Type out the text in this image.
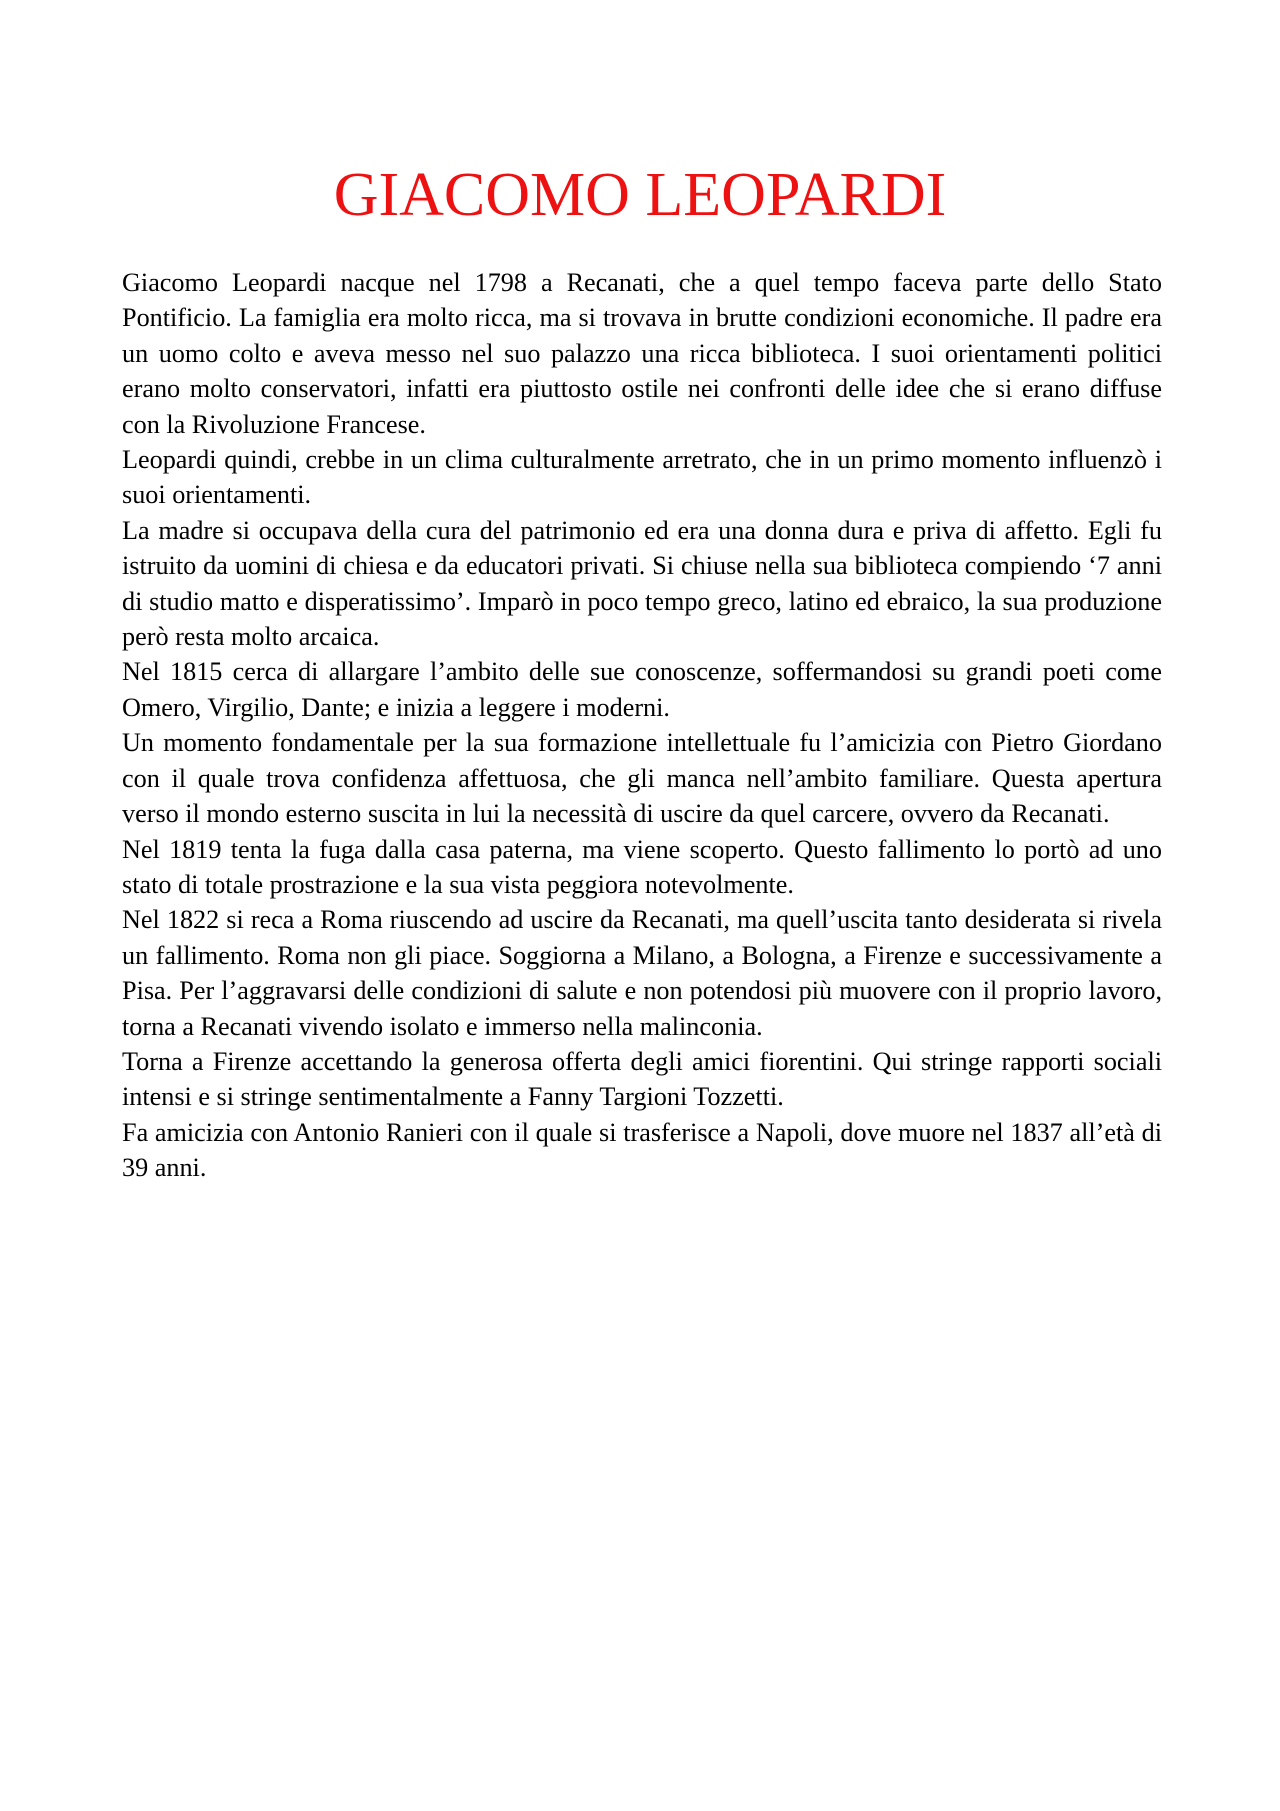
GIACOMO LEOPARDI

Giacomo Leopardi nacque nel 1798 a Recanati, che a quel tempo faceva parte dello Stato Pontificio. La famiglia era molto ricca, ma si trovava in brutte condizioni economiche. Il padre era un uomo colto e aveva messo nel suo palazzo una ricca biblioteca. I suoi orientamenti politici erano molto conservatori, infatti era piuttosto ostile nei confronti delle idee che si erano diffuse con la Rivoluzione Francese.

Leopardi quindi, crebbe in un clima culturalmente arretrato, che in un primo momento influenzò i suoi orientamenti.

La madre si occupava della cura del patrimonio ed era una donna dura e priva di affetto. Egli fu istruito da uomini di chiesa e da educatori privati. Si chiuse nella sua biblioteca compiendo ‘7 anni di studio matto e disperatissimo’. Imparò in poco tempo greco, latino ed ebraico, la sua produzione però resta molto arcaica.

Nel 1815 cerca di allargare l’ambito delle sue conoscenze, soffermandosi su grandi poeti come Omero, Virgilio, Dante; e inizia a leggere i moderni.

Un momento fondamentale per la sua formazione intellettuale fu l’amicizia con Pietro Giordano con il quale trova confidenza affettuosa, che gli manca nell’ambito familiare. Questa apertura verso il mondo esterno suscita in lui la necessità di uscire da quel carcere, ovvero da Recanati.

Nel 1819 tenta la fuga dalla casa paterna, ma viene scoperto. Questo fallimento lo portò ad uno stato di totale prostrazione e la sua vista peggiora notevolmente.

Nel 1822 si reca a Roma riuscendo ad uscire da Recanati, ma quell’uscita tanto desiderata si rivela un fallimento. Roma non gli piace. Soggiorna a Milano, a Bologna, a Firenze e successivamente a Pisa. Per l’aggravarsi delle condizioni di salute e non potendosi più muovere con il proprio lavoro, torna a Recanati vivendo isolato e immerso nella malinconia.

Torna a Firenze accettando la generosa offerta degli amici fiorentini. Qui stringe rapporti sociali intensi e si stringe sentimentalmente a Fanny Targioni Tozzetti.

Fa amicizia con Antonio Ranieri con il quale si trasferisce a Napoli, dove muore nel 1837 all’età di 39 anni.
